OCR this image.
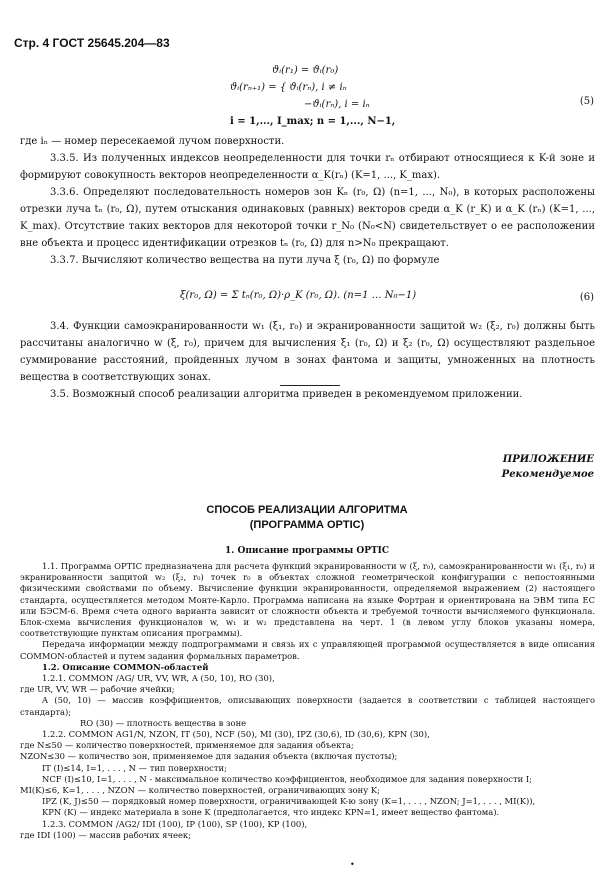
Стр. 4 ГОСТ 25645.204—83
ϑᵢ(r₁) = ϑᵢ(r₀)
ϑᵢ(rₙ₊₁) = { ϑᵢ(rₙ), i ≠ iₙ
−ϑᵢ(rₙ), i = iₙ
i = 1,..., I_max; n = 1,..., N−1,
(5)

где iₙ — номер пересекаемой лучом поверхности.

3.3.5. Из полученных индексов неопределенности для точки rₙ отбирают относящиеся к K-й зоне и формируют совокупность векторов неопределенности α_K(rₙ) (K=1, ..., K_max).

3.3.6. Определяют последовательность номеров зон Kₙ (r₀, Ω) (n=1, ..., N₀), в которых расположены отрезки луча tₙ (r₀, Ω), путем отыскания одинаковых (равных) векторов среди α_K (r_K) и α_K (rₙ) (K=1, ..., K_max). Отсутствие таких векторов для некоторой точки r_N₀ (N₀<N) свидетельствует о ее расположении вне объекта и процесс идентификации отрезков tₙ (r₀, Ω) для n>N₀ прекращают.

3.3.7. Вычисляют количество вещества на пути луча ξ (r₀, Ω) по формуле

ξ(r₀, Ω) = Σ tₙ(r₀, Ω)·ρ_K (r₀, Ω). (n=1 … N₀−1)	(6)

3.4. Функции самоэкранированности w₁ (ξ₁, r₀) и экранированности защитой w₂ (ξ₂, r₀) должны быть рассчитаны аналогично w (ξ, r₀), причем для вычисления ξ₁ (r₀, Ω) и ξ₂ (r₀, Ω) осуществляют раздельное суммирование расстояний, пройденных лучом в зонах фантома и защиты, умноженных на плотность вещества в соответствующих зонах.

3.5. Возможный способ реализации алгоритма приведен в рекомендуемом приложении.

ПРИЛОЖЕНИЕ
Рекомендуемое
СПОСОБ РЕАЛИЗАЦИИ АЛГОРИТМА
(ПРОГРАММА OPTIC)
1. Описание программы OPTIC

1.1. Программа OPTIC предназначена для расчета функций экранированности w (ξ, r₀), самоэкранированности w₁ (ξ₁, r₀) и экранированности защитой w₂ (ξ₂, r₀) точек r₀ в объектах сложной геометрической конфигурации с непостоянными физическими свойствами по объему. Вычисление функции экранированности, определяемой выражением (2) настоящего стандарта, осуществляется методом Монте-Карло. Программа написана на языке Фортран и ориентирована на ЭВМ типа ЕС или БЭСМ-6. Время счета одного варианта зависит от сложности объекта и требуемой точности вычисляемого функционала. Блок-схема вычисления функционалов w, w₁ и w₂ представлена на черт. 1 (в левом углу блоков указаны номера, соответствующие пунктам описания программы).

Передача информации между подпрограммами и связь их с управляющей программой осуществляется в виде описания COMMON-областей и путем задания формальных параметров.

1.2. Описание COMMON-областей

1.2.1. COMMON /AG/ UR, VV, WR, A (50, 10), RO (30),

где UR, VV, WR — рабочие ячейки;

A (50, 10) — массив коэффициентов, описывающих поверхности (задается в соответствии с таблицей настоящего стандарта);

RO (30) — плотность вещества в зоне

1.2.2. COMMON AG1/N, NZON, IT (50), NCF (50), MI (30), IPZ (30,6), ID (30,6), KPN (30),

где N≤50 — количество поверхностей, применяемое для задания объекта;

NZON≤30 — количество зон, применяемое для задания объекта (включая пустоты);

IT (I)≤14, I=1, . . . , N — тип поверхности;

NCF (I)≤10, I=1, . . . , N - максимальное количество коэффициентов, необходимое для задания поверхности I;

MI(K)≤6, K=1, . . . , NZON — количество поверхностей, ограничивающих зону K;

IPZ (K, J)≤50 — порядковый номер поверхности, ограничивающей K-ю зону (K=1, . . . , NZON; J=1, . . . , MI(K)),

KPN (K) — индекс материала в зоне K (предполагается, что индекс KPN=1, имеет вещество фантома).

1.2.3. COMMON /AG2/ IDI (100), IP (100), SP (100), KP (100),

где IDI (100) — массив рабочих ячеек;

•
